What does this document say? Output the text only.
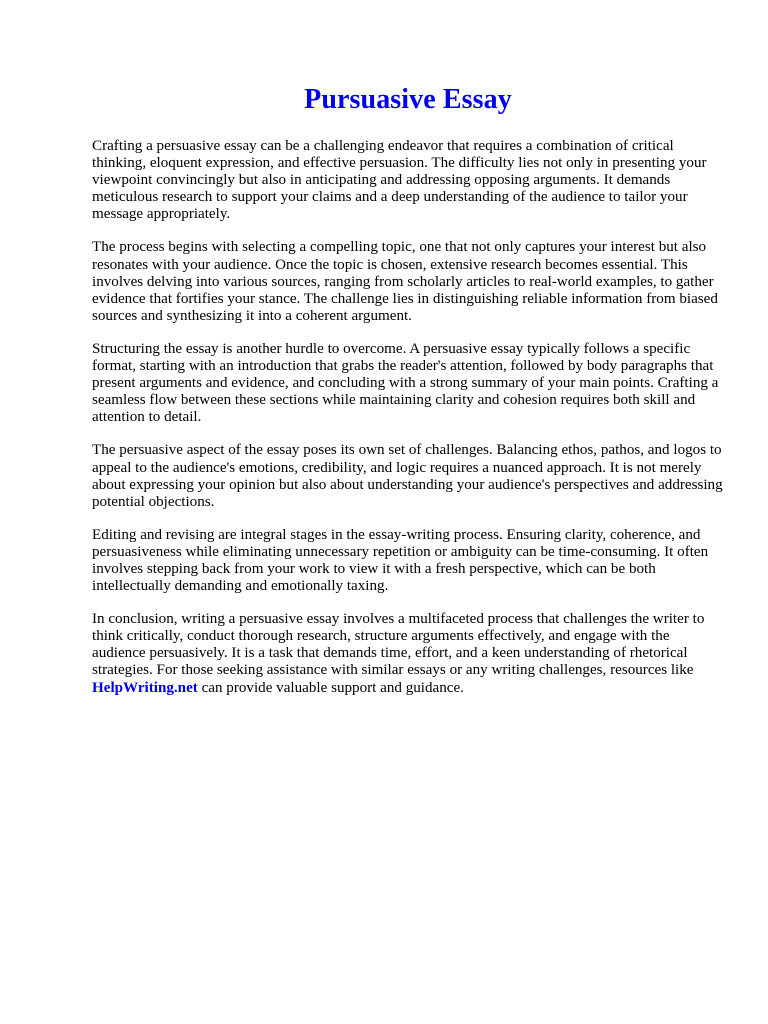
Pursuasive Essay

Crafting a persuasive essay can be a challenging endeavor that requires a combination of critical thinking, eloquent expression, and effective persuasion. The difficulty lies not only in presenting your viewpoint convincingly but also in anticipating and addressing opposing arguments. It demands meticulous research to support your claims and a deep understanding of the audience to tailor your message appropriately.

The process begins with selecting a compelling topic, one that not only captures your interest but also resonates with your audience. Once the topic is chosen, extensive research becomes essential. This involves delving into various sources, ranging from scholarly articles to real-world examples, to gather evidence that fortifies your stance. The challenge lies in distinguishing reliable information from biased sources and synthesizing it into a coherent argument.

Structuring the essay is another hurdle to overcome. A persuasive essay typically follows a specific format, starting with an introduction that grabs the reader's attention, followed by body paragraphs that present arguments and evidence, and concluding with a strong summary of your main points. Crafting a seamless flow between these sections while maintaining clarity and cohesion requires both skill and attention to detail.

The persuasive aspect of the essay poses its own set of challenges. Balancing ethos, pathos, and logos to appeal to the audience's emotions, credibility, and logic requires a nuanced approach. It is not merely about expressing your opinion but also about understanding your audience's perspectives and addressing potential objections.

Editing and revising are integral stages in the essay-writing process. Ensuring clarity, coherence, and persuasiveness while eliminating unnecessary repetition or ambiguity can be time-consuming. It often involves stepping back from your work to view it with a fresh perspective, which can be both intellectually demanding and emotionally taxing.

In conclusion, writing a persuasive essay involves a multifaceted process that challenges the writer to think critically, conduct thorough research, structure arguments effectively, and engage with the audience persuasively. It is a task that demands time, effort, and a keen understanding of rhetorical strategies. For those seeking assistance with similar essays or any writing challenges, resources like HelpWriting.net can provide valuable support and guidance.
